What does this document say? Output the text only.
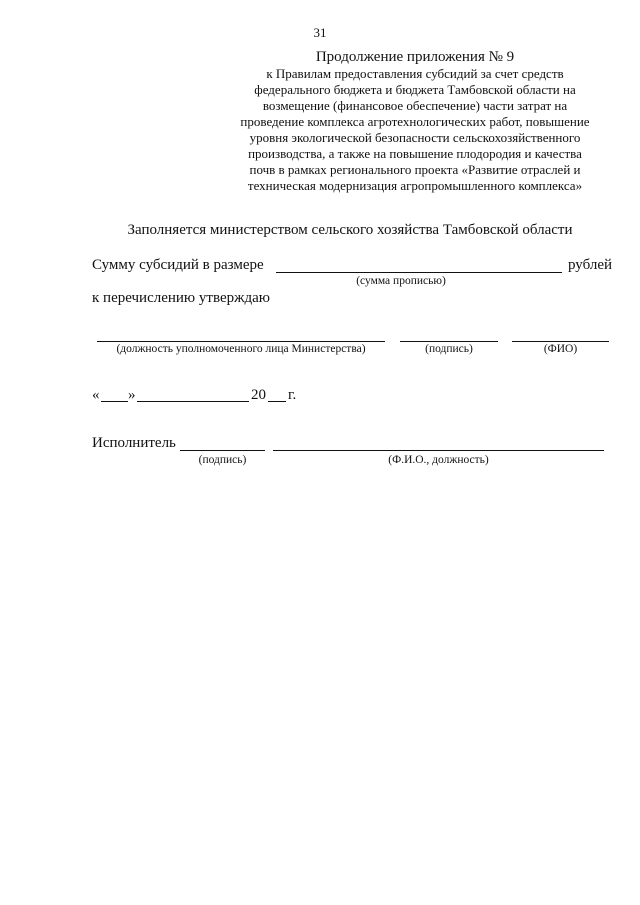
31
Продолжение приложения № 9
к Правилам предоставления субсидий за счет средств
федерального бюджета и бюджета Тамбовской области на
возмещение (финансовое обеспечение) части затрат на
проведение комплекса агротехнологических работ, повышение
уровня экологической безопасности сельскохозяйственного
производства, а также на повышение плодородия и качества
почв в рамках регионального проекта «Развитие отраслей и
техническая модернизация агропромышленного комплекса»
Заполняется министерством сельского хозяйства Тамбовской области
Сумму субсидий в размере	рублей
(сумма прописью)
к перечислению утверждаю
(должность уполномоченного лица Министерства)	(подпись)	(ФИО)
« »	20 г.
Исполнитель
(подпись)	(Ф.И.О., должность)
